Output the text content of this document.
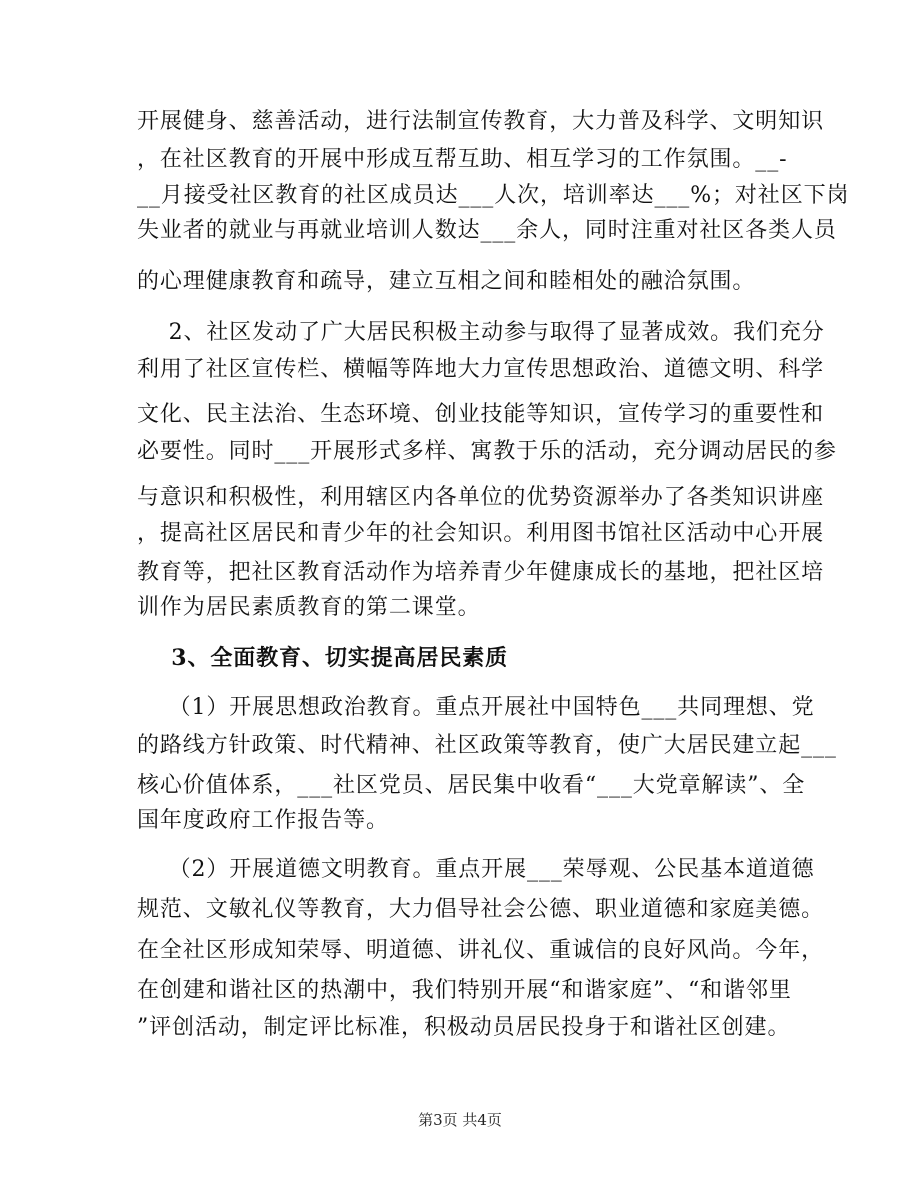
开展健身、慈善活动，进行法制宣传教育，大力普及科学、文明知识
，在社区教育的开展中形成互帮互助、相互学习的工作氛围。__-
__月接受社区教育的社区成员达___人次，培训率达___%；对社区下岗
失业者的就业与再就业培训人数达___余人，同时注重对社区各类人员
的心理健康教育和疏导，建立互相之间和睦相处的融洽氛围。
2、社区发动了广大居民积极主动参与取得了显著成效。我们充分
利用了社区宣传栏、横幅等阵地大力宣传思想政治、道德文明、科学
文化、民主法治、生态环境、创业技能等知识，宣传学习的重要性和
必要性。同时___开展形式多样、寓教于乐的活动，充分调动居民的参
与意识和积极性，利用辖区内各单位的优势资源举办了各类知识讲座
，提高社区居民和青少年的社会知识。利用图书馆社区活动中心开展
教育等，把社区教育活动作为培养青少年健康成长的基地，把社区培
训作为居民素质教育的第二课堂。
3、全面教育、切实提高居民素质
（1）开展思想政治教育。重点开展社中国特色___共同理想、党
的路线方针政策、时代精神、社区政策等教育，使广大居民建立起___
核心价值体系，___社区党员、居民集中收看“___大党章解读”、全
国年度政府工作报告等。
（2）开展道德文明教育。重点开展___荣辱观、公民基本道道德
规范、文敏礼仪等教育，大力倡导社会公德、职业道德和家庭美德。
在全社区形成知荣辱、明道德、讲礼仪、重诚信的良好风尚。今年，
在创建和谐社区的热潮中，我们特别开展“和谐家庭”、“和谐邻里
”评创活动，制定评比标准，积极动员居民投身于和谐社区创建。
第3页 共4页
